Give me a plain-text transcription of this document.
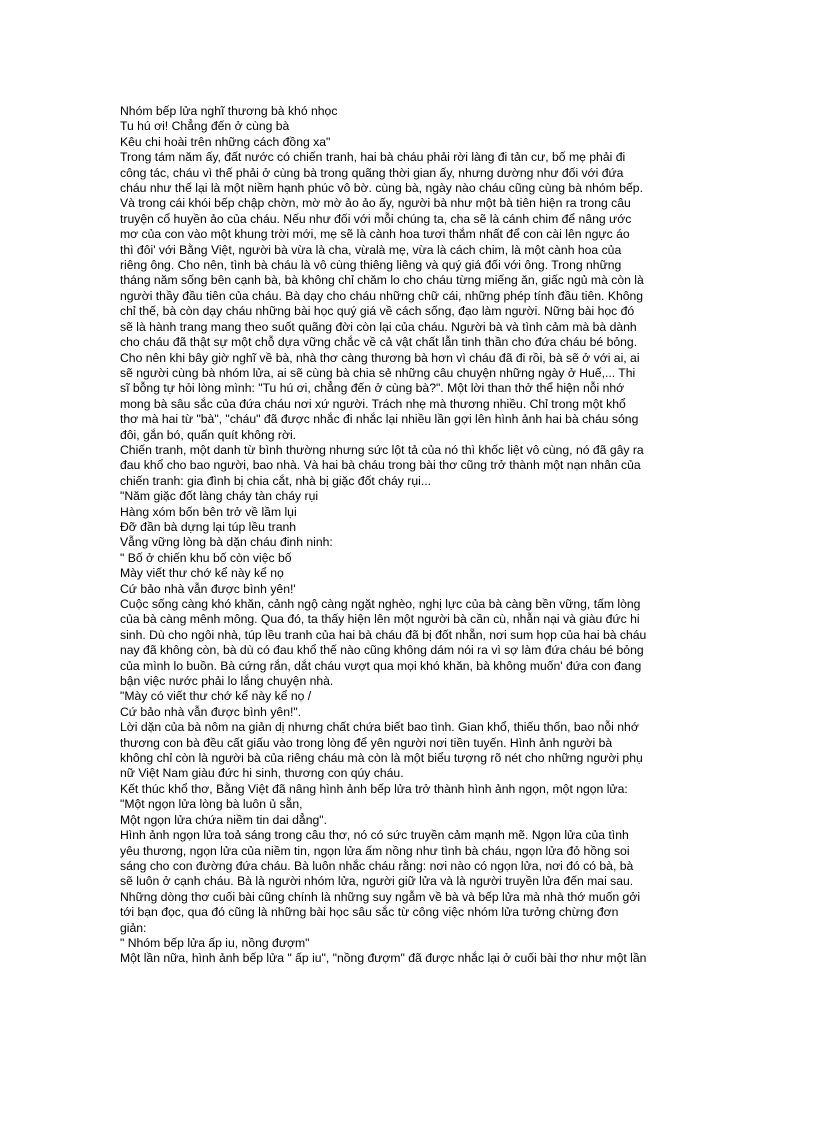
Nhóm bếp lửa nghĩ thương bà khó nhọc
Tu hú ơi! Chẳng đến ở cùng bà
Kêu chi hoài trên những cách đồng xa"
Trong tám năm ấy, đất nước có chiến tranh, hai bà cháu phải rời làng đi tản cư, bố mẹ phải đi
công tác, cháu vì thế phải ở cùng bà trong quãng thời gian ấy, nhưng dường như đối với đứa
cháu như thế lại là một niềm hạnh phúc vô bờ. cùng bà, ngày nào cháu cũng cùng bà nhóm bếp.
Và trong cái khói bếp chập chờn, mờ mờ ảo ảo ấy, người bà như một bà tiên hiện ra trong câu
truyện cổ huyền ảo của cháu. Nếu như đối với mỗi chúng ta, cha sẽ là cánh chim để nâng ước
mơ của con vào một khung trời mới, mẹ sẽ là cành hoa tươi thắm nhất để con cài lên ngực áo
thì đôi' với Bằng Việt, người bà vừa là cha, vừalà mẹ, vừa là cách chim, là một cành hoa của
riêng ông. Cho nên, tình bà cháu là vô cùng thiêng liêng và quý giá đối với ông. Trong những
tháng năm sống bên cạnh bà, bà không chỉ chăm lo cho cháu từng miếng ăn, giấc ngủ mà còn là
người thầy đầu tiên của cháu. Bà dạy cho cháu những chữ cái, những phép tính đầu tiên. Không
chỉ thế, bà còn dạy cháu những bài học quý giá về cách sống, đạo làm người. Nững bài học đó
sẽ là hành trang mang theo suốt quãng đời còn lại của cháu. Người bà và tình cảm mà bà dành
cho cháu đã thật sự một chỗ dựa vững chắc về cả vật chất lẫn tinh thần cho đứa cháu bé bỏng.
Cho nên khi bây giờ nghĩ về bà, nhà thơ càng thương bà hơn vì cháu đã đi rồi, bà sẽ ở với ai, ai
sẽ người cùng bà nhóm lửa, ai sẽ cùng bà chia sẻ những câu chuyện những ngày ở Huế,... Thi
sĩ bỗng tự hỏi lòng mình: "Tu hú ơi, chẳng đến ở cùng bà?". Một lời than thở thể hiện nỗi nhớ
mong bà sâu sắc của đứa cháu nơi xứ người. Trách nhẹ mà thương nhiều. Chỉ trong một khổ
thơ mà hai từ "bà", "cháu" đã được nhắc đi nhắc lại nhiều lần gợi lên hình ảnh hai bà cháu sóng
đôi, gắn bó, quấn quít không rời.
Chiến tranh, một danh từ bình thường nhưng sức lột tả của nó thì khốc liệt vô cùng, nó đã gây ra
đau khổ cho bao người, bao nhà. Và hai bà cháu trong bài thơ cũng trở thành một nạn nhân của
chiến tranh: gia đình bị chia cắt, nhà bị giặc đốt cháy rụi...
"Năm giặc đốt làng cháy tàn cháy rụi
Hàng xóm bốn bên trở về lầm lụi
Đỡ đần bà dựng lại túp lều tranh
Vẫng vững lòng bà dặn cháu đinh ninh:
" Bố ở chiến khu bố còn việc bố
Mày viết thư chớ kể này kể nọ
Cứ bảo nhà vẫn được bình yên!'
Cuộc sống càng khó khăn, cảnh ngộ càng ngặt nghèo, nghị lực của bà càng bền vững, tấm lòng
của bà càng mênh mông. Qua đó, ta thấy hiện lên một người bà cần cù, nhẫn nại và giàu đức hi
sinh. Dù cho ngôi nhà, túp lều tranh của hai bà cháu đã bị đốt nhẵn, nơi sum họp của hai bà cháu
nay đã không còn, bà dù có đau khổ thế nào cũng không dám nói ra vì sợ làm đứa cháu bé bỏng
của mình lo buồn. Bà cứng rắn, dắt cháu vượt qua mọi khó khăn, bà không muốn' đứa con đang
bận việc nước phải lo lắng chuyện nhà.
"Mày có viết thư chớ kể này kể nọ /
Cứ bảo nhà vẫn được bình yên!".
Lời dặn của bà nôm na giản dị nhưng chất chứa biết bao tình. Gian khổ, thiếu thốn, bao nỗi nhớ
thương con bà đều cất giấu vào trong lòng để yên người nơi tiền tuyến. Hình ảnh người bà
không chỉ còn là người bà của riêng cháu mà còn là một biểu tượng rõ nét cho những người phụ
nữ Việt Nam giàu đức hi sinh, thương con qúy cháu.
Kết thúc khổ thơ, Bằng Việt đã nâng hình ảnh bếp lửa trở thành hình ảnh ngọn, một ngọn lửa:
"Một ngọn lửa lòng bà luôn ủ sẵn,
Một ngọn lửa chứa niềm tin dai dẳng".
Hình ảnh ngọn lửa toả sáng trong câu thơ, nó có sức truyền cảm mạnh mẽ. Ngọn lửa của tình
yêu thương, ngọn lửa của niềm tin, ngọn lửa ấm nồng như tình bà cháu, ngọn lửa đỏ hồng soi
sáng cho con đường đứa cháu. Bà luôn nhắc cháu rằng: nơi nào có ngọn lửa, nơi đó có bà, bà
sẽ luôn ở cạnh cháu. Bà là người nhóm lửa, người giữ lửa và là người truyền lửa đến mai sau.
Những dòng thơ cuối bài cũng chính là những suy ngẫm về bà và bếp lửa mà nhà thớ muốn gởi
tới bạn đọc, qua đó cũng là những bài học sâu sắc từ công việc nhóm lửa tưởng chừng đơn
giản:
" Nhóm bếp lửa ấp iu, nồng đượm"
Một lần nữa, hình ảnh bếp lửa " ấp iu", "nồng đượm" đã được nhắc lại ở cuối bài thơ như một lần
